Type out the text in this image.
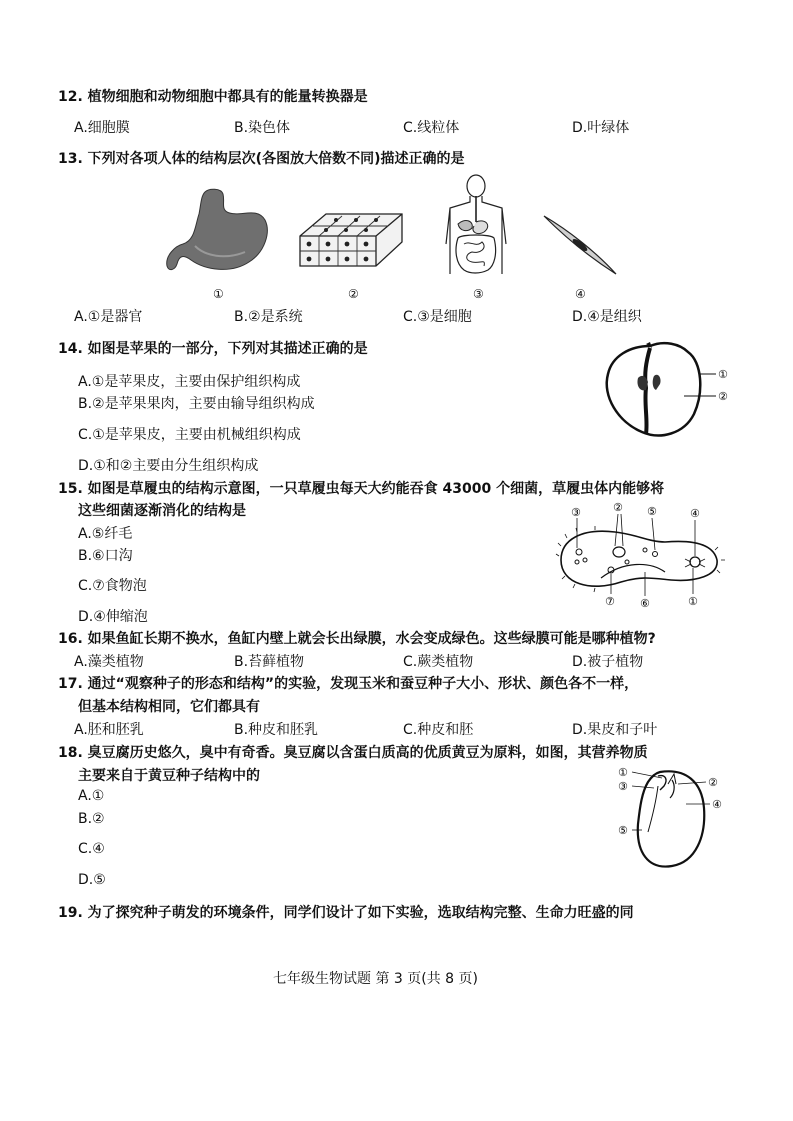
12. 植物细胞和动物细胞中都具有的能量转换器是
A.细胞膜	B.染色体	C.线粒体	D.叶绿体
13. 下列对各项人体的结构层次(各图放大倍数不同)描述正确的是
①	②	③	④
A.①是器官	B.②是系统	C.③是细胞	D.④是组织
14. 如图是苹果的一部分，下列对其描述正确的是
A.①是苹果皮，主要由保护组织构成
B.②是苹果果肉，主要由输导组织构成
C.①是苹果皮，主要由机械组织构成
D.①和②主要由分生组织构成
①
②
15. 如图是草履虫的结构示意图，一只草履虫每天大约能吞食 43000 个细菌，草履虫体内能够将
这些细菌逐渐消化的结构是
A.⑤纤毛
B.⑥口沟
C.⑦食物泡
D.④伸缩泡
③	② ⑤	④
⑦ ⑥	①
16. 如果鱼缸长期不换水，鱼缸内壁上就会长出绿膜，水会变成绿色。这些绿膜可能是哪种植物?
A.藻类植物	B.苔藓植物	C.蕨类植物	D.被子植物
17. 通过“观察种子的形态和结构”的实验，发现玉米和蚕豆种子大小、形状、颜色各不一样，
但基本结构相同，它们都具有
A.胚和胚乳	B.种皮和胚乳	C.种皮和胚	D.果皮和子叶
18. 臭豆腐历史悠久，臭中有奇香。臭豆腐以含蛋白质高的优质黄豆为原料，如图，其营养物质
主要来自于黄豆种子结构中的
A.①
B.②
C.④
D.⑤
①
③	②
④
⑤
19. 为了探究种子萌发的环境条件，同学们设计了如下实验，选取结构完整、生命力旺盛的同
七年级生物试题 第 3 页(共 8 页)
